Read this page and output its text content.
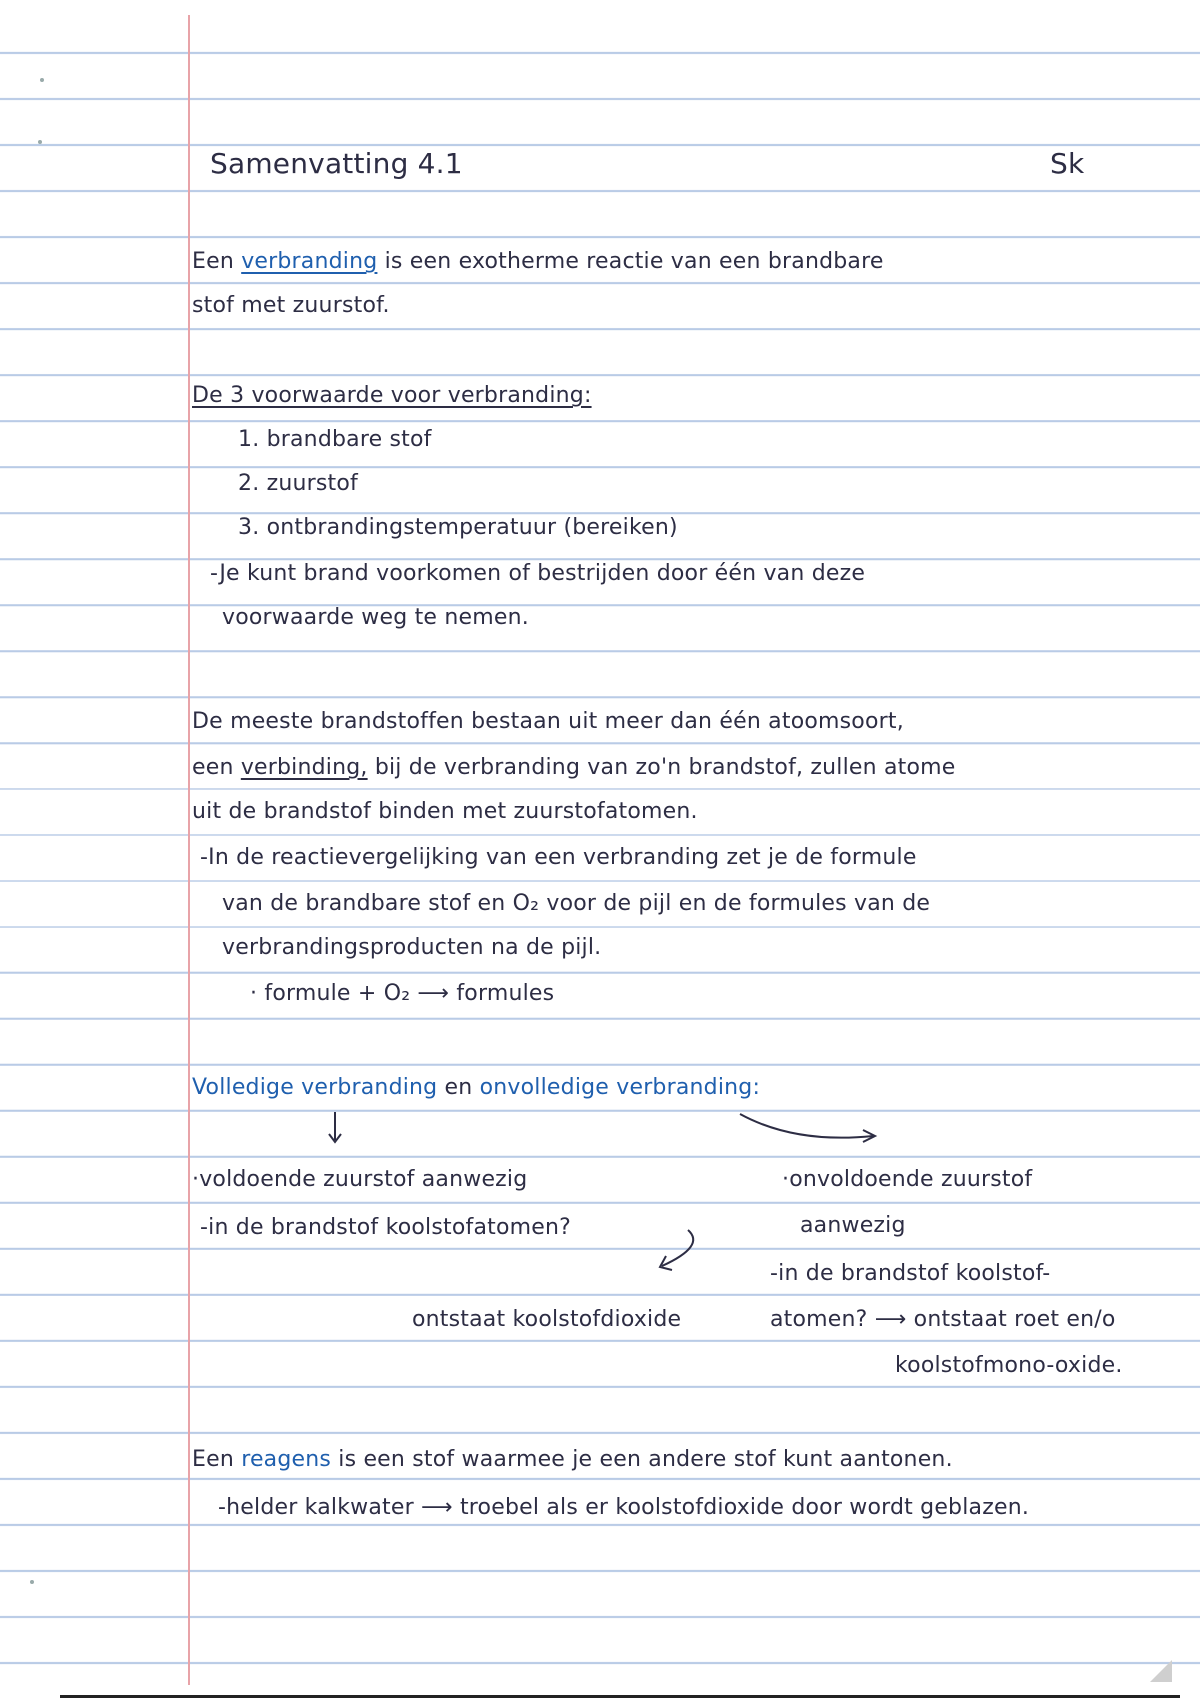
Samenvatting 4.1	Sk
Een verbranding is een exotherme reactie van een brandbare
stof met zuurstof.
De 3 voorwaarde voor verbranding:
1. brandbare stof
2. zuurstof
3. ontbrandingstemperatuur (bereiken)
-Je kunt brand voorkomen of bestrijden door één van deze
voorwaarde weg te nemen.
De meeste brandstoffen bestaan uit meer dan één atoomsoort,
een verbinding, bij de verbranding van zo'n brandstof, zullen atome
uit de brandstof binden met zuurstofatomen.
-In de reactievergelijking van een verbranding zet je de formule
van de brandbare stof en O₂ voor de pijl en de formules van de
verbrandingsproducten na de pijl.
· formule + O₂ ⟶ formules
Volledige verbranding en onvolledige verbranding:
·voldoende zuurstof aanwezig
-in de brandstof koolstofatomen?
ontstaat koolstofdioxide
·onvoldoende zuurstof
aanwezig
-in de brandstof koolstof-
atomen? ⟶ ontstaat roet en/o
koolstofmono-oxide.
Een reagens is een stof waarmee je een andere stof kunt aantonen.
-helder kalkwater ⟶ troebel als er koolstofdioxide door wordt geblazen.
